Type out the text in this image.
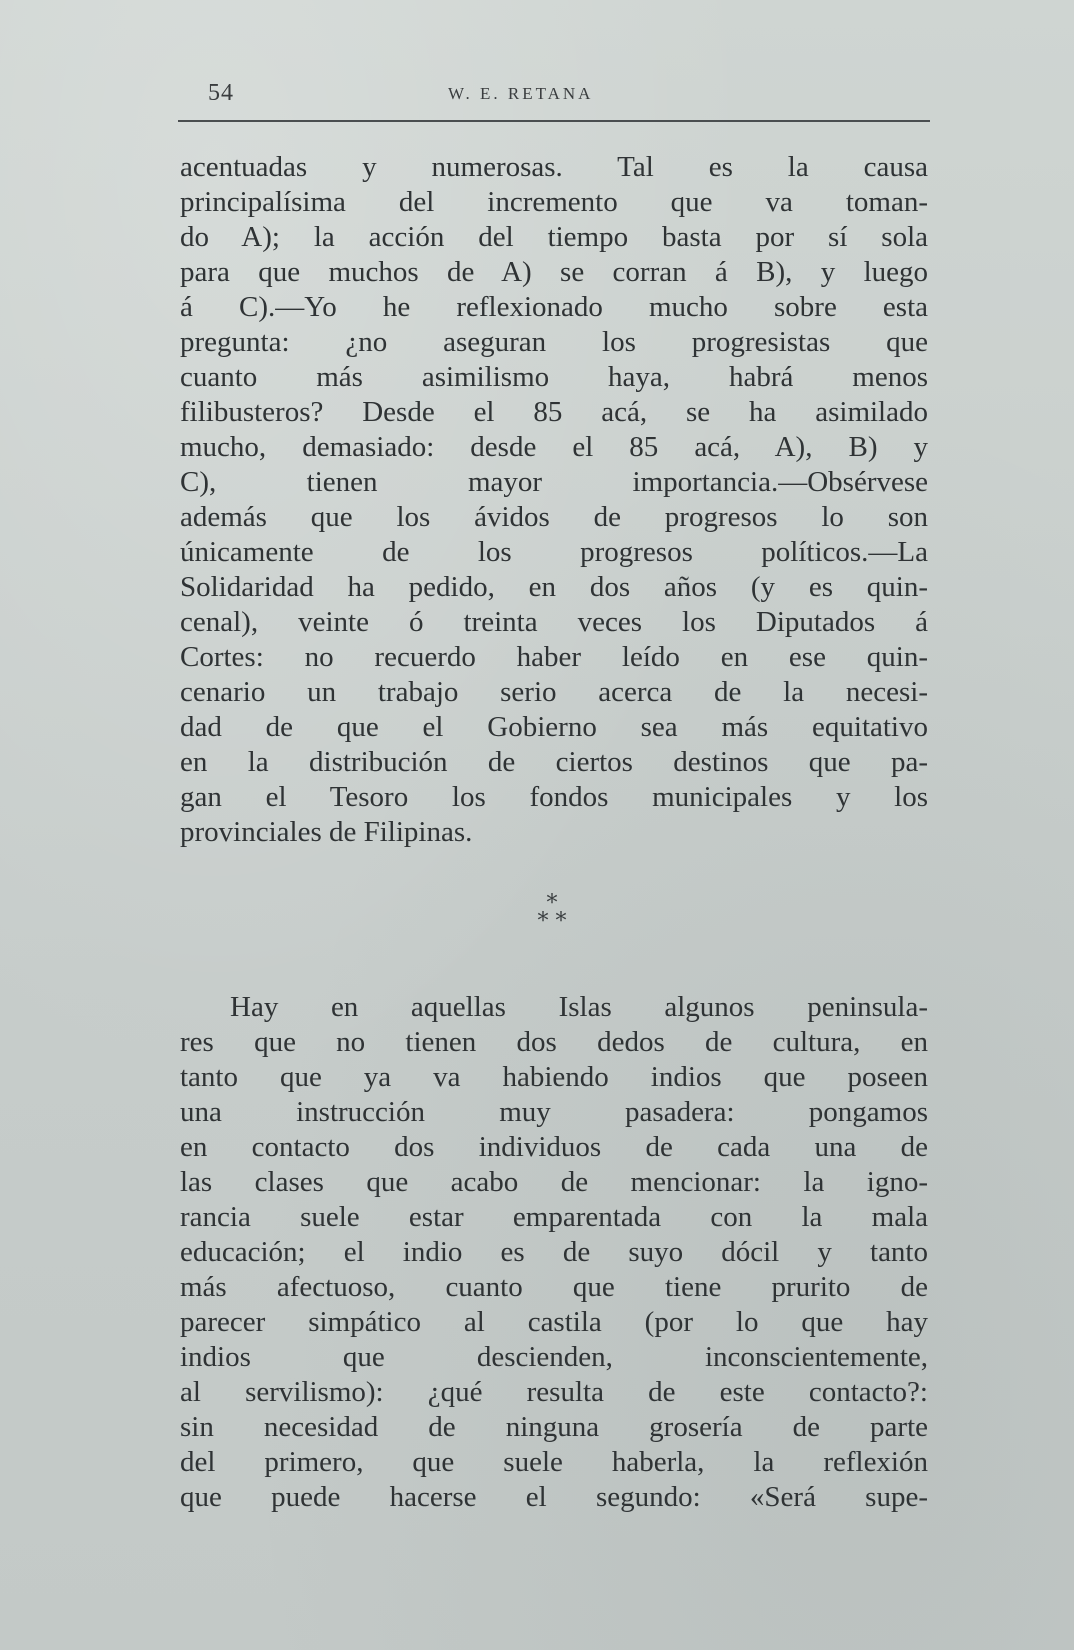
54	W. E. RETANA
acentuadas y numerosas. Tal es la causa
principalísima del incremento que va toman-
do A); la acción del tiempo basta por sí sola
para que muchos de A) se corran á B), y luego
á C).—Yo he reflexionado mucho sobre esta
pregunta: ¿no aseguran los progresistas que
cuanto más asimilismo haya, habrá menos
filibusteros? Desde el 85 acá, se ha asimilado
mucho, demasiado: desde el 85 acá, A), B) y
C), tienen mayor importancia.—Obsérvese
además que los ávidos de progresos lo son
únicamente de los progresos políticos.—La
Solidaridad ha pedido, en dos años (y es quin-
cenal), veinte ó treinta veces los Diputados á
Cortes: no recuerdo haber leído en ese quin-
cenario un trabajo serio acerca de la necesi-
dad de que el Gobierno sea más equitativo
en la distribución de ciertos destinos que pa-
gan el Tesoro los fondos municipales y los
provinciales de Filipinas.
*
* *
Hay en aquellas Islas algunos peninsula-
res que no tienen dos dedos de cultura, en
tanto que ya va habiendo indios que poseen
una instrucción muy pasadera: pongamos
en contacto dos individuos de cada una de
las clases que acabo de mencionar: la igno-
rancia suele estar emparentada con la mala
educación; el indio es de suyo dócil y tanto
más afectuoso, cuanto que tiene prurito de
parecer simpático al castila (por lo que hay
indios que descienden, inconscientemente,
al servilismo): ¿qué resulta de este contacto?:
sin necesidad de ninguna grosería de parte
del primero, que suele haberla, la reflexión
que puede hacerse el segundo: «Será supe-
